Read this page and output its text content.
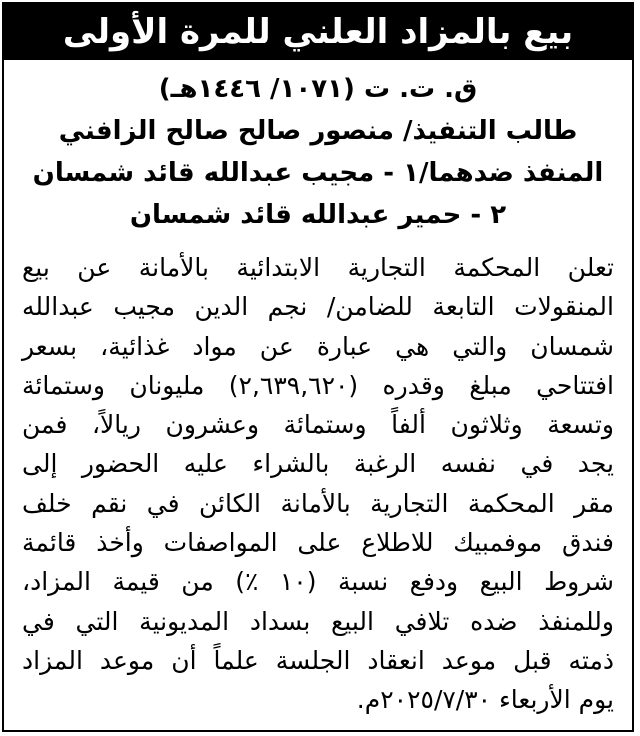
بيع بالمزاد العلني للمرة الأولى
ق. ت. ت (١٠٧١/ ١٤٤٦هـ)
طالب التنفيذ/ منصور صالح صالح الزافني
المنفذ ضدهما/١ - مجيب عبدالله قائد شمسان
٢ - حمير عبدالله قائد شمسان
تعلن المحكمة التجارية الابتدائية بالأمانة عن بيع
المنقولات التابعة للضامن/ نجم الدين مجيب عبدالله
شمسان والتي هي عبارة عن مواد غذائية، بسعر
افتتاحي مبلغ وقدره (٢,٦٣٩,٦٢٠) مليونان وستمائة
وتسعة وثلاثون ألفاً وستمائة وعشرون ريالاً، فمن
يجد في نفسه الرغبة بالشراء عليه الحضور إلى
مقر المحكمة التجارية بالأمانة الكائن في نقم خلف
فندق موفمبيك للاطلاع على المواصفات وأخذ قائمة
شروط البيع ودفع نسبة (١٠ ٪) من قيمة المزاد،
وللمنفذ ضده تلافي البيع بسداد المديونية التي في
ذمته قبل موعد انعقاد الجلسة علماً أن موعد المزاد
يوم الأربعاء ٢٠٢٥/٧/٣٠م.
